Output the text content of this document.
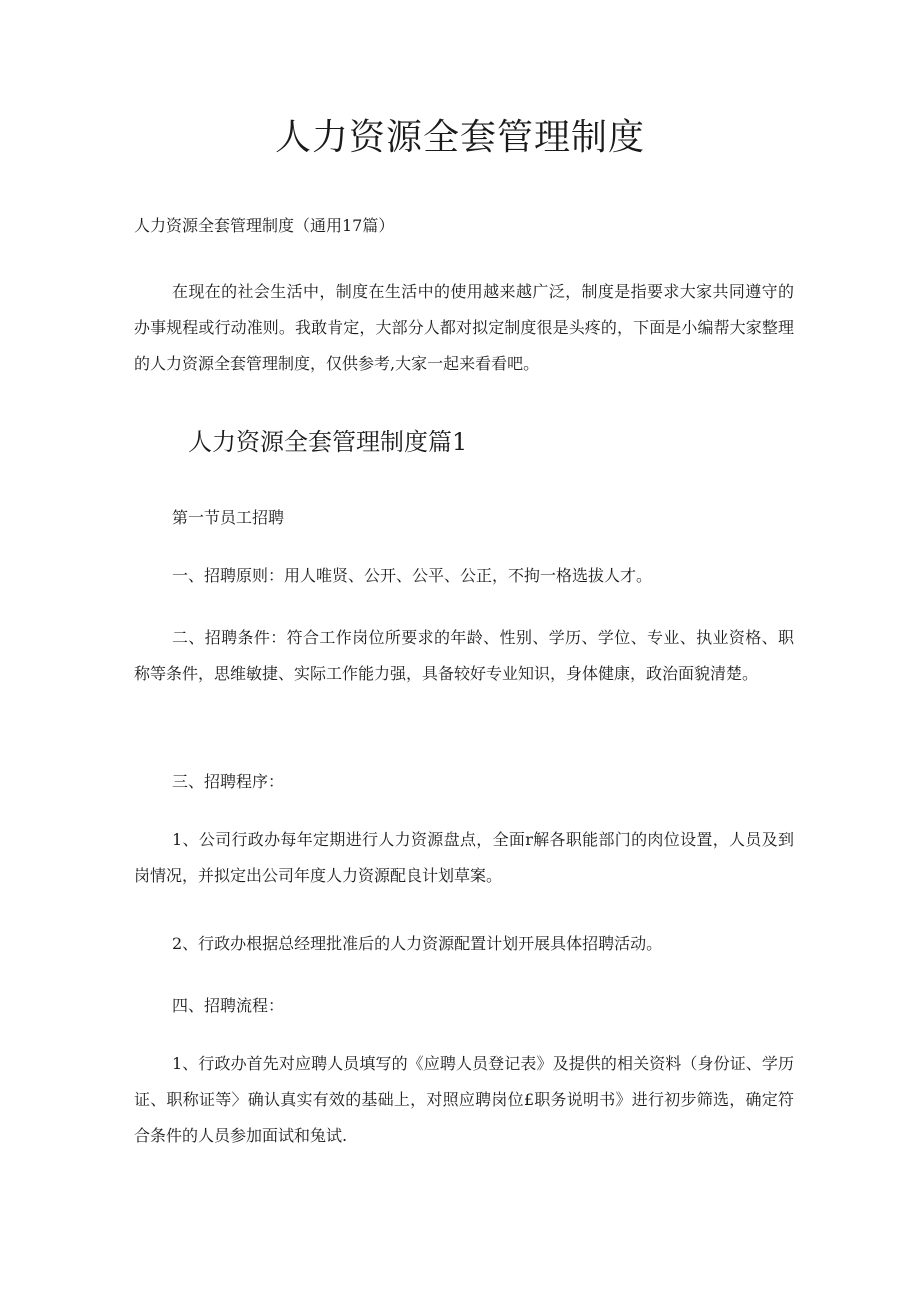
人力资源全套管理制度
人力资源全套管理制度（通用17篇）
在现在的社会生活中，制度在生活中的使用越来越广泛，制度是指要求大家共同遵守的办事规程或行动准则。我敢肯定，大部分人都对拟定制度很是头疼的，下面是小编帮大家整理的人力资源全套管理制度，仅供参考,大家一起来看看吧。
人力资源全套管理制度篇1
第一节员工招聘
一、招聘原则：用人唯贤、公开、公平、公正，不拘一格选拔人才。
二、招聘条件：符合工作岗位所要求的年龄、性别、学历、学位、专业、执业资格、职称等条件，思维敏捷、实际工作能力强，具备较好专业知识，身体健康，政治面貌清楚。
三、招聘程序：
1、公司行政办每年定期进行人力资源盘点，全面r解各职能部门的肉位设置，人员及到岗情况，并拟定出公司年度人力资源配良计划草案。
2、行政办根据总经理批准后的人力资源配置计划开展具体招聘活动。
四、招聘流程：
1、行政办首先对应聘人员填写的《应聘人员登记表》及提供的相关资料（身份证、学历证、职称证等〉确认真实有效的基础上，对照应聘岗位£职务说明书》进行初步筛选，确定符合条件的人员参加面试和兔试.
